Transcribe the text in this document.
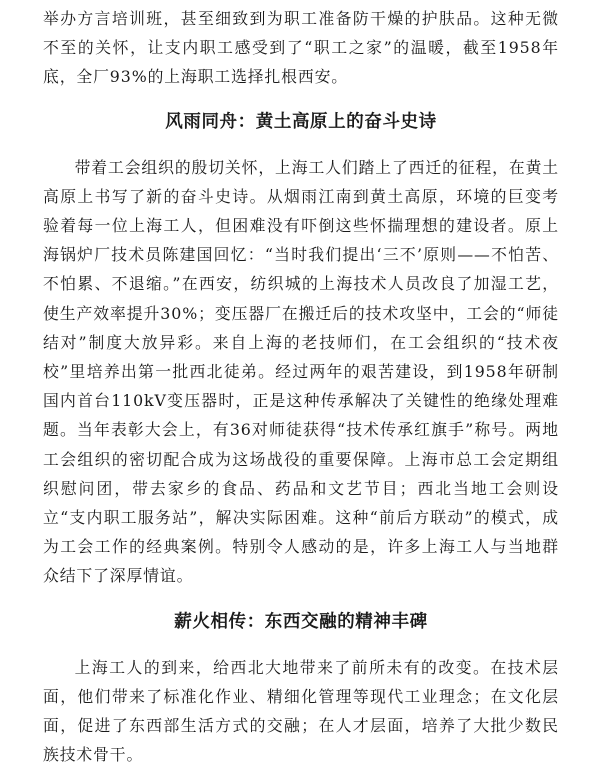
举办方言培训班，甚至细致到为职工准备防干燥的护肤品。这种无微不至的关怀，让支内职工感受到了“职工之家”的温暖，截至1958年底，全厂93%的上海职工选择扎根西安。

风雨同舟：黄土高原上的奋斗史诗

带着工会组织的殷切关怀，上海工人们踏上了西迁的征程，在黄土高原上书写了新的奋斗史诗。从烟雨江南到黄土高原，环境的巨变考验着每一位上海工人，但困难没有吓倒这些怀揣理想的建设者。原上海锅炉厂技术员陈建国回忆：“当时我们提出‘三不’原则——不怕苦、不怕累、不退缩。”在西安，纺织城的上海技术人员改良了加湿工艺，使生产效率提升30%；变压器厂在搬迁后的技术攻坚中，工会的“师徒结对”制度大放异彩。来自上海的老技师们，在工会组织的“技术夜校”里培养出第一批西北徒弟。经过两年的艰苦建设，到1958年研制国内首台110kV变压器时，正是这种传承解决了关键性的绝缘处理难题。当年表彰大会上，有36对师徒获得“技术传承红旗手”称号。两地工会组织的密切配合成为这场战役的重要保障。上海市总工会定期组织慰问团，带去家乡的食品、药品和文艺节目；西北当地工会则设立“支内职工服务站”，解决实际困难。这种“前后方联动”的模式，成为工会工作的经典案例。特别令人感动的是，许多上海工人与当地群众结下了深厚情谊。

薪火相传：东西交融的精神丰碑

上海工人的到来，给西北大地带来了前所未有的改变。在技术层面，他们带来了标准化作业、精细化管理等现代工业理念；在文化层面，促进了东西部生活方式的交融；在人才层面，培养了大批少数民族技术骨干。
